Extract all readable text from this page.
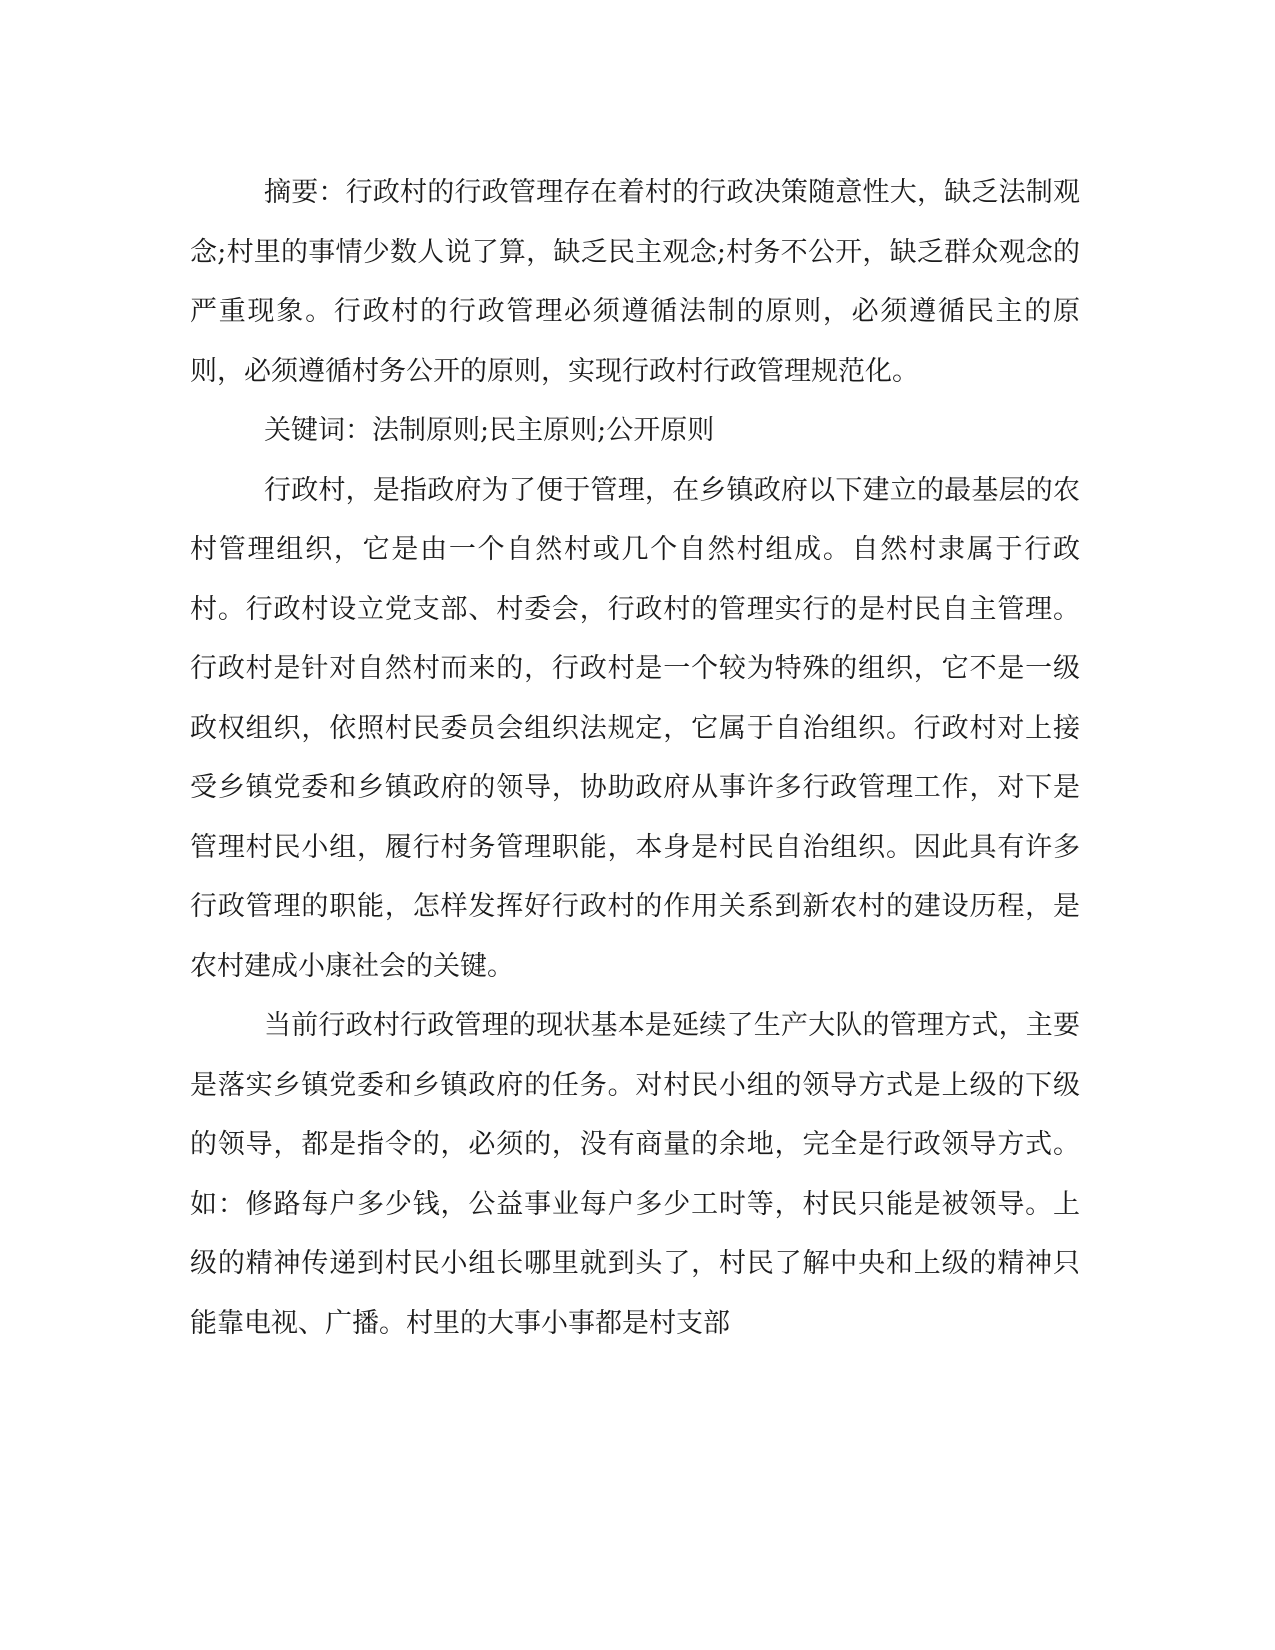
摘要：行政村的行政管理存在着村的行政决策随意性大，缺乏法制观念;村里的事情少数人说了算，缺乏民主观念;村务不公开，缺乏群众观念的严重现象。行政村的行政管理必须遵循法制的原则，必须遵循民主的原则，必须遵循村务公开的原则，实现行政村行政管理规范化。

关键词：法制原则;民主原则;公开原则

行政村，是指政府为了便于管理，在乡镇政府以下建立的最基层的农村管理组织，它是由一个自然村或几个自然村组成。自然村隶属于行政村。行政村设立党支部、村委会，行政村的管理实行的是村民自主管理。行政村是针对自然村而来的，行政村是一个较为特殊的组织，它不是一级政权组织，依照村民委员会组织法规定，它属于自治组织。行政村对上接受乡镇党委和乡镇政府的领导，协助政府从事许多行政管理工作，对下是管理村民小组，履行村务管理职能，本身是村民自治组织。因此具有许多行政管理的职能，怎样发挥好行政村的作用关系到新农村的建设历程，是农村建成小康社会的关键。

当前行政村行政管理的现状基本是延续了生产大队的管理方式，主要是落实乡镇党委和乡镇政府的任务。对村民小组的领导方式是上级的下级的领导，都是指令的，必须的，没有商量的余地，完全是行政领导方式。如：修路每户多少钱，公益事业每户多少工时等，村民只能是被领导。上级的精神传递到村民小组长哪里就到头了，村民了解中央和上级的精神只能靠电视、广播。村里的大事小事都是村支部
